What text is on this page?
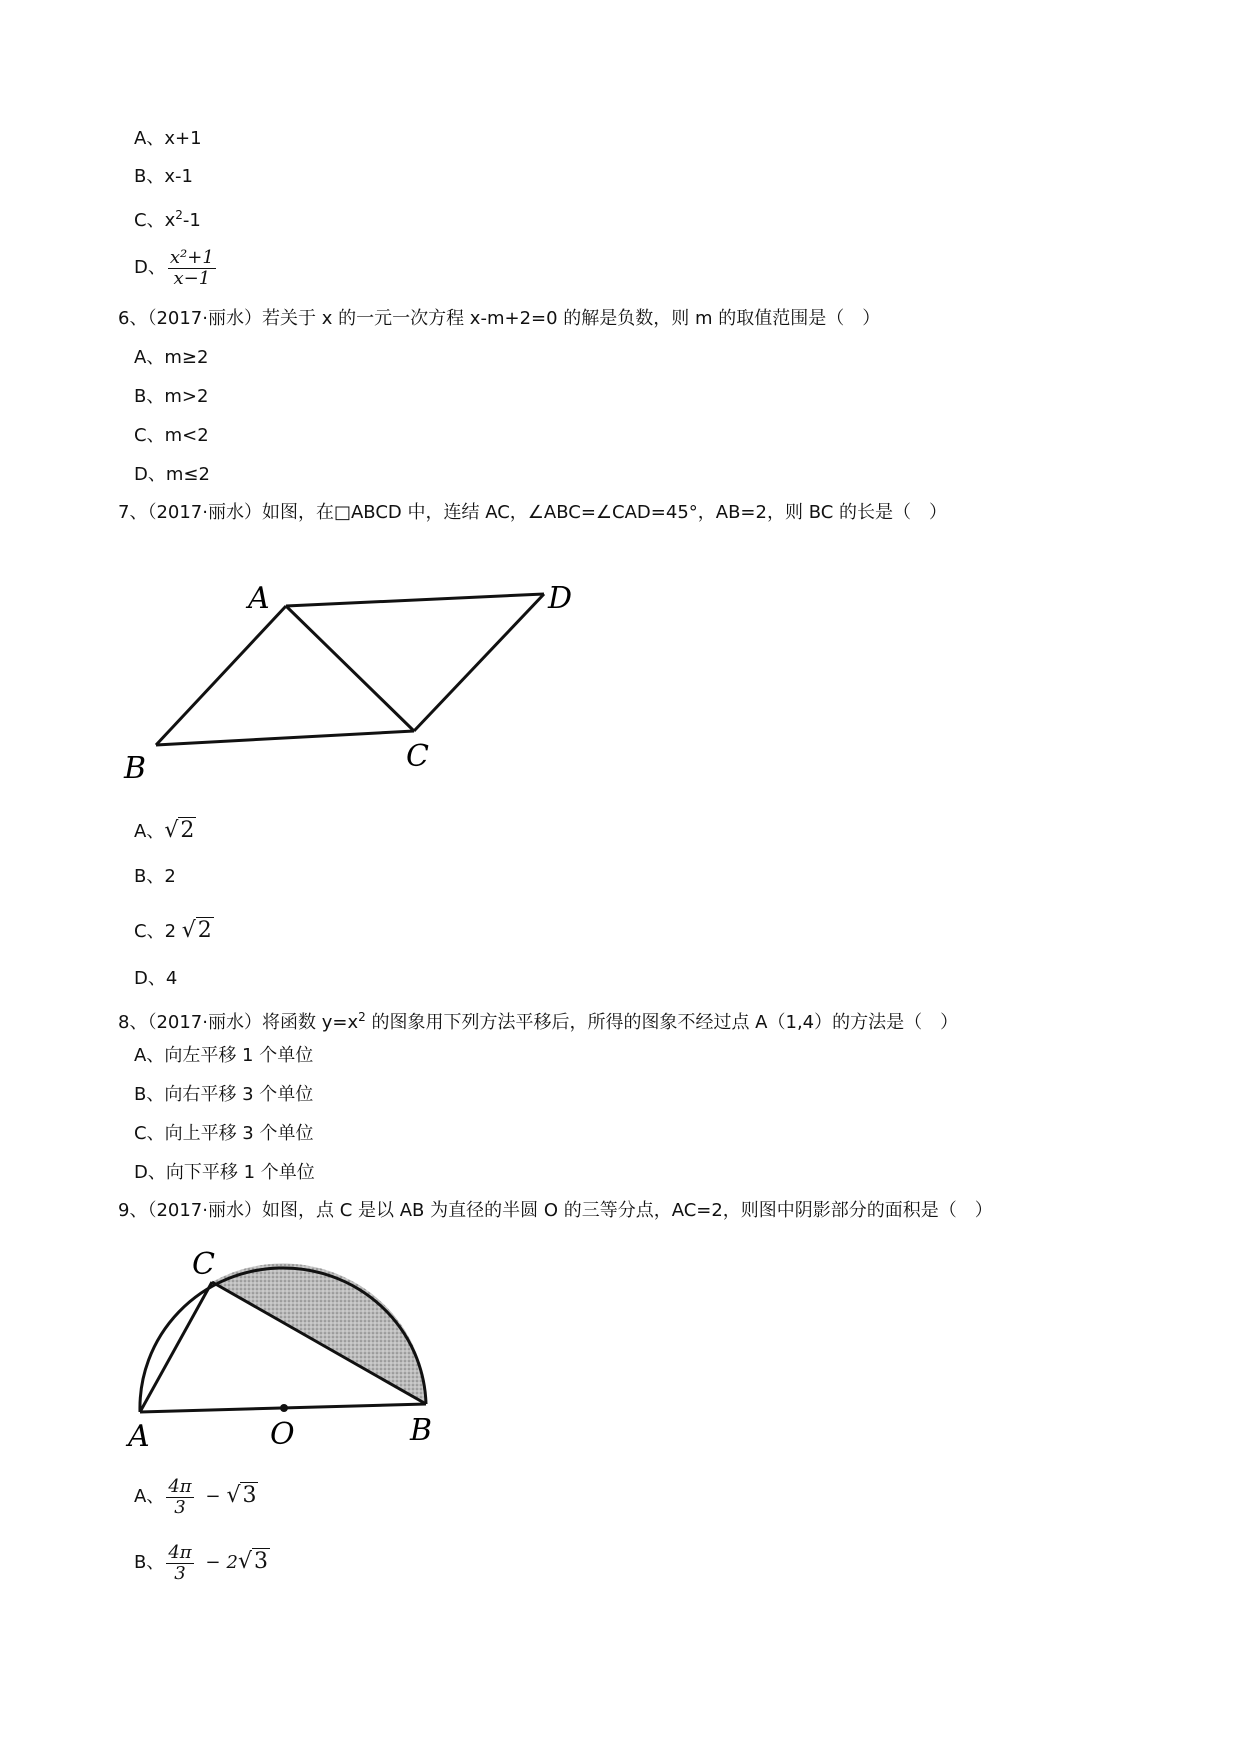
A、x+1
B、x-1
C、$x^2-1$
D、 $\frac{\text{x²+1}}{x-1}$
6、（2017·丽水）若关于 x 的一元一次方程 x-m+2=0 的解是负数，则 m 的取值范围是（　）
A、m≥2
B、m>2
C、m<2
D、m≤2
7、（2017·丽水）如图，在□ABCD 中，连结 AC，∠ABC=∠CAD=45°，AB=2，则 BC 的长是（　）
A	D
B	C
A、√2
B、2
C、2 √2
D、4
8、（2017·丽水）将函数 $y=x^2$ 的图象用下列方法平移后，所得的图象不经过点 A（1,4）的方法是（　）
A、向左平移 1 个单位
B、向右平移 3 个单位
C、向上平移 3 个单位
D、向下平移 1 个单位
9、（2017·丽水）如图，点 C 是以 AB 为直径的半圆 O 的三等分点，AC=2，则图中阴影部分的面积是（　）
C
A	O	B
A、 $\frac{4\pi}{3} - √3$
B、 $\frac{4\pi}{3} - 2√3$
